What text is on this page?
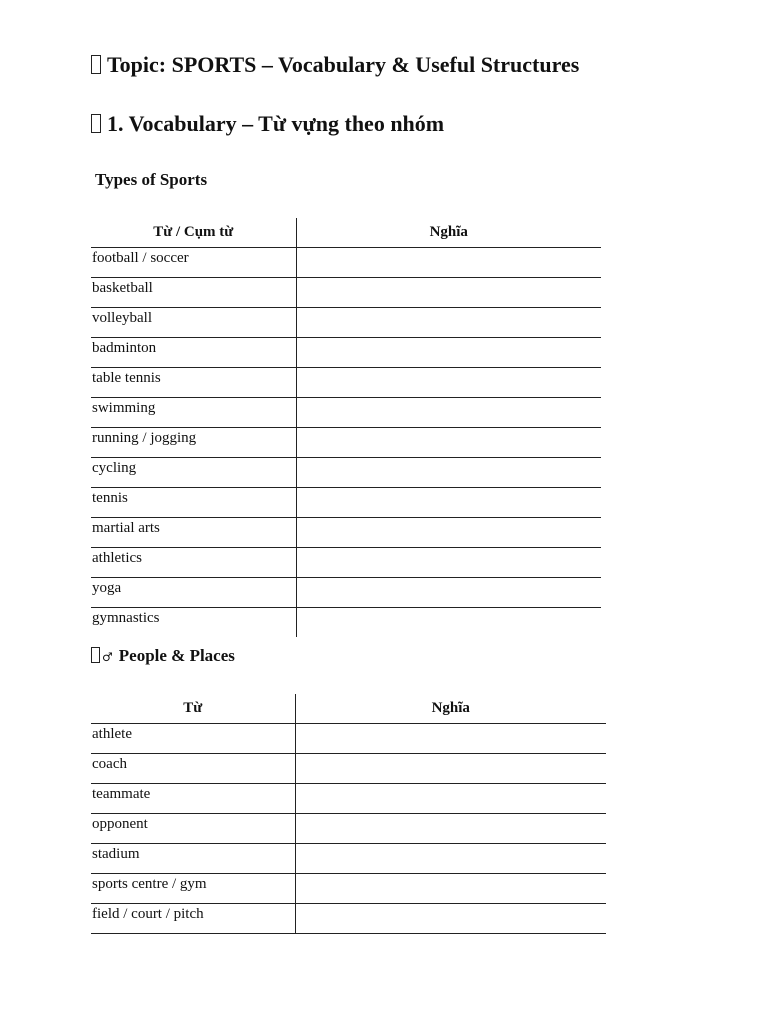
Topic: SPORTS – Vocabulary & Useful Structures
1. Vocabulary – Từ vựng theo nhóm
Types of Sports
Từ / Cụm từ	Nghĩa
football / soccer	
basketball	
volleyball	
badminton	
table tennis	
swimming	
running / jogging	
cycling	
tennis	
martial arts	
athletics	
yoga	
gymnastics	
♂ People & Places
Từ	Nghĩa
athlete	
coach	
teammate	
opponent	
stadium	
sports centre / gym	
field / court / pitch	
